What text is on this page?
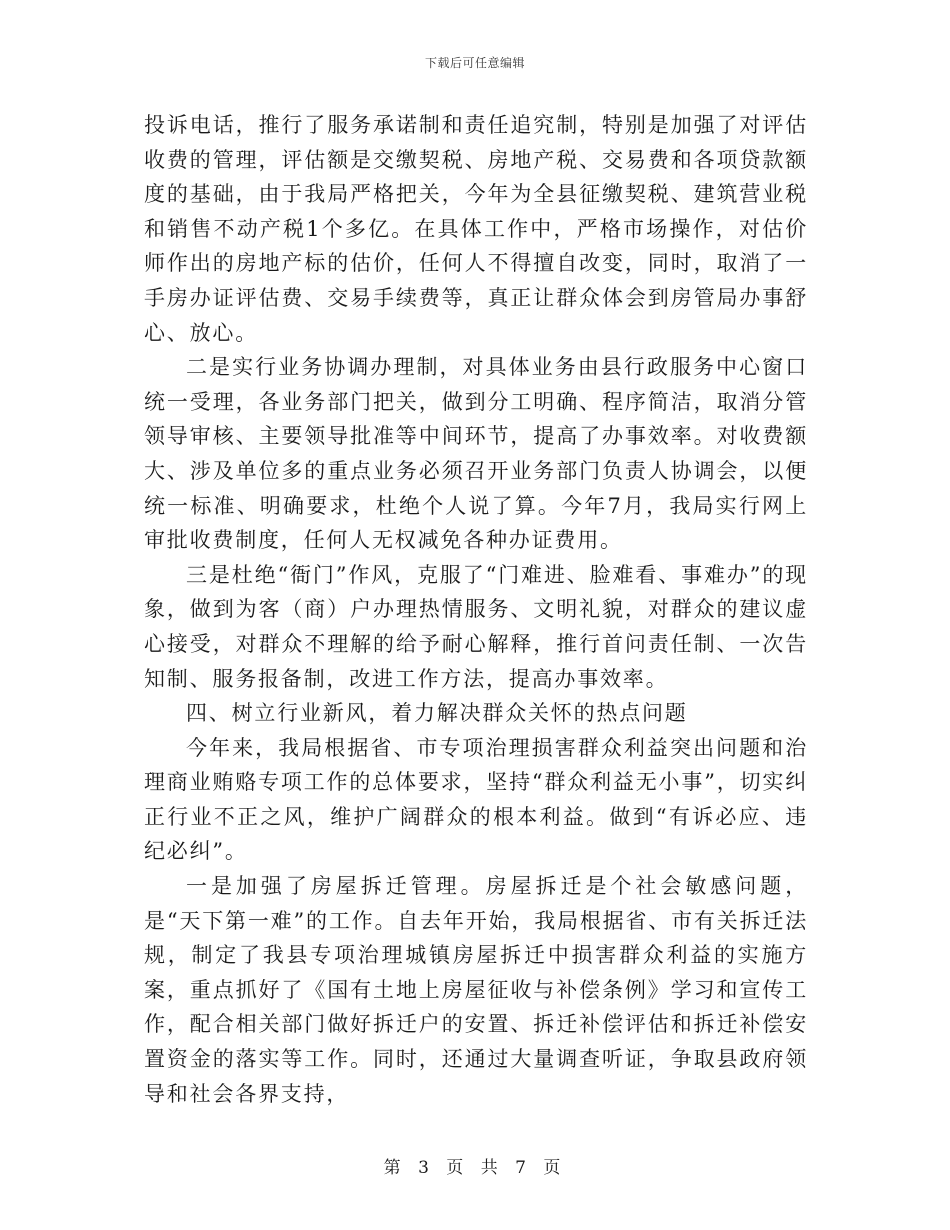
下载后可任意编辑

投诉电话，推行了服务承诺制和责任追究制，特别是加强了对评估收费的管理，评估额是交缴契税、房地产税、交易费和各项贷款额度的基础，由于我局严格把关，今年为全县征缴契税、建筑营业税和销售不动产税1个多亿。在具体工作中，严格市场操作，对估价师作出的房地产标的估价，任何人不得擅自改变，同时，取消了一手房办证评估费、交易手续费等，真正让群众体会到房管局办事舒心、放心。

二是实行业务协调办理制，对具体业务由县行政服务中心窗口统一受理，各业务部门把关，做到分工明确、程序简洁，取消分管领导审核、主要领导批准等中间环节，提高了办事效率。对收费额大、涉及单位多的重点业务必须召开业务部门负责人协调会，以便统一标准、明确要求，杜绝个人说了算。今年7月，我局实行网上审批收费制度，任何人无权减免各种办证费用。

三是杜绝“衙门”作风，克服了“门难进、脸难看、事难办”的现象，做到为客（商）户办理热情服务、文明礼貌，对群众的建议虚心接受，对群众不理解的给予耐心解释，推行首问责任制、一次告知制、服务报备制，改进工作方法，提高办事效率。

四、树立行业新风，着力解决群众关怀的热点问题

今年来，我局根据省、市专项治理损害群众利益突出问题和治理商业贿赂专项工作的总体要求，坚持“群众利益无小事”，切实纠正行业不正之风，维护广阔群众的根本利益。做到“有诉必应、违纪必纠”。

一是加强了房屋拆迁管理。房屋拆迁是个社会敏感问题，是“天下第一难”的工作。自去年开始，我局根据省、市有关拆迁法规，制定了我县专项治理城镇房屋拆迁中损害群众利益的实施方案，重点抓好了《国有土地上房屋征收与补偿条例》学习和宣传工作，配合相关部门做好拆迁户的安置、拆迁补偿评估和拆迁补偿安置资金的落实等工作。同时，还通过大量调查听证，争取县政府领导和社会各界支持，

第 3 页 共 7 页
